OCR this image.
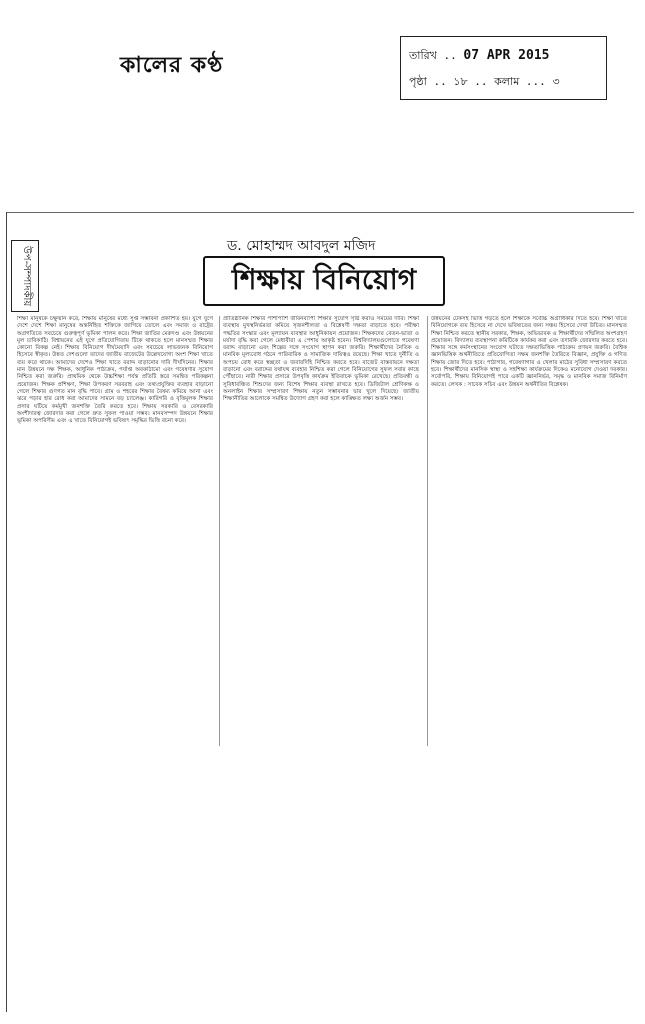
কালের কণ্ঠ	তারিখ .. 07 APR 2015
পৃষ্ঠা .. ১৮ .. কলাম ... ৩
উপ-সম্পাদকীয়	ড. মোহাম্মদ আবদুল মজিদ
শিক্ষায় বিনিয়োগ
শিক্ষা মানুষকে চক্ষুষ্মান করে, শিক্ষায় মানুষের মধ্যে সুপ্ত সম্ভাবনা প্রকাশিত হয়। যুগে যুগে দেশে দেশে শিক্ষা মানুষের অন্তর্নিহিত শক্তিকে জাগিয়ে তোলে এবং সমাজ ও রাষ্ট্রের অগ্রগতিতে সবচেয়ে গুরুত্বপূর্ণ ভূমিকা পালন করে। শিক্ষা জাতির মেরুদণ্ড এবং উন্নয়নের মূল চাবিকাঠি। বিশ্বায়নের এই যুগে প্রতিযোগিতায় টিকে থাকতে হলে মানসম্মত শিক্ষার কোনো বিকল্প নেই। শিক্ষায় বিনিয়োগ দীর্ঘমেয়াদি এবং সবচেয়ে লাভজনক বিনিয়োগ হিসেবে স্বীকৃত। উন্নত দেশগুলো তাদের জাতীয় বাজেটের উল্লেখযোগ্য অংশ শিক্ষা খাতে ব্যয় করে থাকে। আমাদের দেশেও শিক্ষা খাতে বরাদ্দ বাড়ানোর দাবি দীর্ঘদিনের। শিক্ষার মান উন্নয়নে দক্ষ শিক্ষক, আধুনিক পাঠ্যক্রম, পর্যাপ্ত অবকাঠামো এবং গবেষণার সুযোগ নিশ্চিত করা জরুরি। প্রাথমিক থেকে উচ্চশিক্ষা পর্যন্ত প্রতিটি স্তরে সমন্বিত পরিকল্পনা প্রয়োজন। শিক্ষক প্রশিক্ষণ, শিক্ষা উপকরণ সরবরাহ এবং তথ্যপ্রযুক্তির ব্যবহার বাড়ানো গেলে শিক্ষার গুণগত মান বৃদ্ধি পাবে। গ্রাম ও শহরের শিক্ষার বৈষম্য কমিয়ে আনা এবং ঝরে পড়ার হার রোধ করা আমাদের সামনে বড় চ্যালেঞ্জ। কারিগরি ও বৃত্তিমূলক শিক্ষার প্রসার ঘটিয়ে কর্মমুখী জনশক্তি তৈরি করতে হবে। শিক্ষায় সরকারি ও বেসরকারি অংশীদারত্ব জোরদার করা গেলে দ্রুত সুফল পাওয়া সম্ভব। মানবসম্পদ উন্নয়নে শিক্ষার ভূমিকা অপরিসীম এবং এ খাতে বিনিয়োগই ভবিষ্যৎ সমৃদ্ধির ভিত্তি রচনা করে।
প্রাতিষ্ঠানিক শিক্ষার পাশাপাশি জীবনব্যাপী শিক্ষার সুযোগ সৃষ্টি করাও সময়ের দাবি। শিক্ষা ব্যবস্থায় মুখস্থনির্ভরতা কমিয়ে সৃজনশীলতা ও বিশ্লেষণী দক্ষতা বাড়াতে হবে। পরীক্ষা পদ্ধতির সংস্কার এবং মূল্যায়ন ব্যবস্থার আধুনিকায়ন প্রয়োজন। শিক্ষকদের বেতন-ভাতা ও মর্যাদা বৃদ্ধি করা গেলে মেধাবীরা এ পেশায় আকৃষ্ট হবেন। বিশ্ববিদ্যালয়গুলোতে গবেষণা বরাদ্দ বাড়ানো এবং শিল্পের সঙ্গে সংযোগ স্থাপন করা জরুরি। শিক্ষার্থীদের নৈতিক ও মানবিক মূল্যবোধ গঠনে পারিবারিক ও সামাজিক দায়িত্বও রয়েছে। শিক্ষা খাতে দুর্নীতি ও অপচয় রোধ করে স্বচ্ছতা ও জবাবদিহি নিশ্চিত করতে হবে। বাজেট বাস্তবায়নে দক্ষতা বাড়ানো এবং বরাদ্দের যথাযথ ব্যবহার নিশ্চিত করা গেলে বিনিয়োগের সুফল সবার কাছে পৌঁছাবে। নারী শিক্ষার প্রসারে উপবৃত্তি কার্যক্রম ইতিবাচক ভূমিকা রেখেছে। প্রতিবন্ধী ও সুবিধাবঞ্চিত শিশুদের জন্য বিশেষ শিক্ষার ব্যবস্থা রাখতে হবে। ডিজিটাল শ্রেণিকক্ষ ও অনলাইন শিক্ষার সম্প্রসারণ শিক্ষায় নতুন সম্ভাবনার দ্বার খুলে দিয়েছে। জাতীয় শিক্ষানীতির আলোকে সমন্বিত উদ্যোগ গ্রহণ করা হলে কাঙ্ক্ষিত লক্ষ্য অর্জন সম্ভব।
উন্নয়নের টেকসই ভিত্তি গড়তে হলে শিক্ষাকে সর্বোচ্চ অগ্রাধিকার দিতে হবে। শিক্ষা খাতে বিনিয়োগকে ব্যয় হিসেবে না দেখে ভবিষ্যতের জন্য সঞ্চয় হিসেবে দেখা উচিত। মানসম্মত শিক্ষা নিশ্চিত করতে স্থানীয় সরকার, শিক্ষক, অভিভাবক ও শিক্ষার্থীদের সম্মিলিত অংশগ্রহণ প্রয়োজন। বিদ্যালয় ব্যবস্থাপনা কমিটিকে কার্যকর করা এবং তদারকি জোরদার করতে হবে। শিক্ষার সঙ্গে কর্মসংস্থানের সংযোগ ঘটাতে দক্ষতাভিত্তিক পাঠ্যক্রম প্রণয়ন জরুরি। বৈশ্বিক জ্ঞানভিত্তিক অর্থনীতিতে প্রতিযোগিতা সক্ষম জনশক্তি তৈরিতে বিজ্ঞান, প্রযুক্তি ও গণিত শিক্ষায় জোর দিতে হবে। পাঠাগার, গবেষণাগার ও খেলার মাঠের সুবিধা সম্প্রসারণ করতে হবে। শিক্ষার্থীদের মানসিক স্বাস্থ্য ও সহশিক্ষা কার্যক্রমের দিকেও মনোযোগ দেওয়া দরকার। সর্বোপরি, শিক্ষায় বিনিয়োগই পারে একটি জ্ঞাননির্ভর, সমৃদ্ধ ও মানবিক সমাজ বিনির্মাণ করতে। লেখক : সাবেক সচিব এবং উন্নয়ন অর্থনীতির বিশ্লেষক।
